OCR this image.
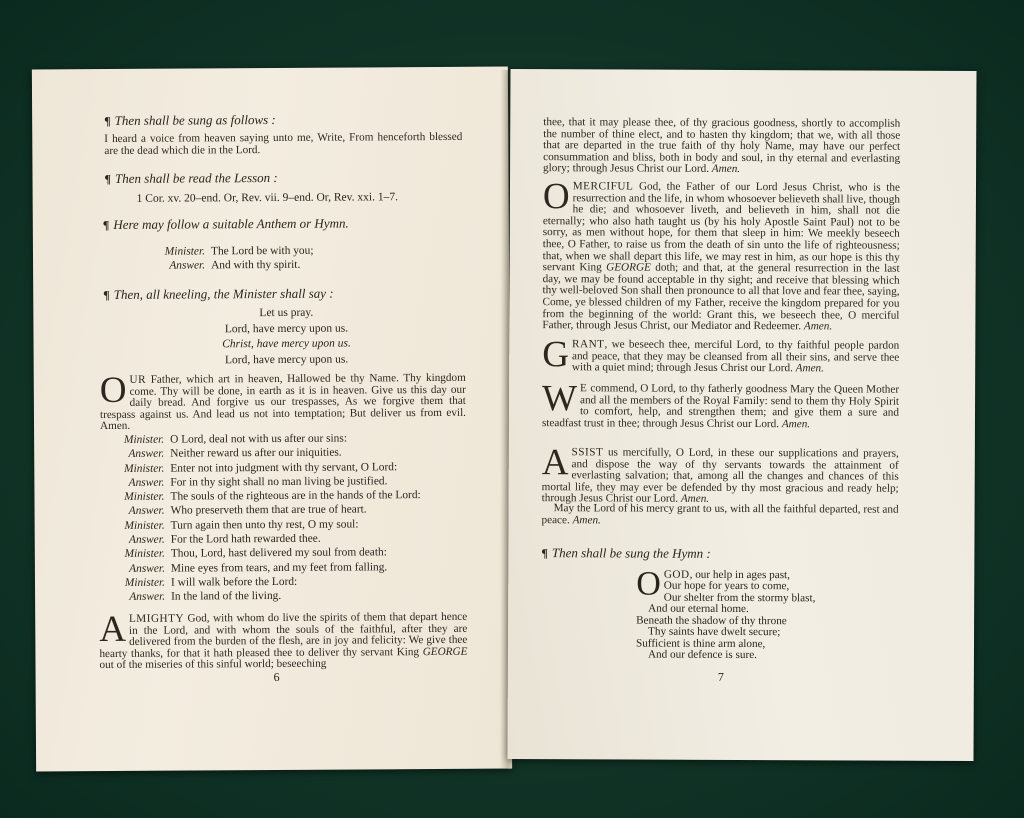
¶ Then shall be sung as follows :
I heard a voice from heaven saying unto me, Write, From henceforth blessed are the dead which die in the Lord.
¶ Then shall be read the Lesson :
1 Cor. xv. 20–end. Or, Rev. vii. 9–end. Or, Rev. xxi. 1–7.
¶ Here may follow a suitable Anthem or Hymn.
Minister. The Lord be with you;
Answer. And with thy spirit.
¶ Then, all kneeling, the Minister shall say :
Let us pray.
Lord, have mercy upon us.
Christ, have mercy upon us.
Lord, have mercy upon us.
OUR Father, which art in heaven, Hallowed be thy Name. Thy kingdom come. Thy will be done, in earth as it is in heaven. Give us this day our daily bread. And forgive us our trespasses, As we forgive them that trespass against us. And lead us not into temptation; But deliver us from evil. Amen.
Minister. O Lord, deal not with us after our sins:
Answer. Neither reward us after our iniquities.
Minister. Enter not into judgment with thy servant, O Lord:
Answer. For in thy sight shall no man living be justified.
Minister. The souls of the righteous are in the hands of the Lord:
Answer. Who preserveth them that are true of heart.
Minister. Turn again then unto thy rest, O my soul:
Answer. For the Lord hath rewarded thee.
Minister. Thou, Lord, hast delivered my soul from death:
Answer. Mine eyes from tears, and my feet from falling.
Minister. I will walk before the Lord:
Answer. In the land of the living.
ALMIGHTY God, with whom do live the spirits of them that depart hence in the Lord, and with whom the souls of the faithful, after they are delivered from the burden of the flesh, are in joy and felicity: We give thee hearty thanks, for that it hath pleased thee to deliver thy servant King GEORGE out of the miseries of this sinful world; beseeching
6
thee, that it may please thee, of thy gracious goodness, shortly to accomplish the number of thine elect, and to hasten thy kingdom; that we, with all those that are departed in the true faith of thy holy Name, may have our perfect consummation and bliss, both in body and soul, in thy eternal and everlasting glory; through Jesus Christ our Lord. Amen.
OMERCIFUL God, the Father of our Lord Jesus Christ, who is the resurrection and the life, in whom whosoever believeth shall live, though he die; and whosoever liveth, and believeth in him, shall not die eternally; who also hath taught us (by his holy Apostle Saint Paul) not to be sorry, as men without hope, for them that sleep in him: We meekly beseech thee, O Father, to raise us from the death of sin unto the life of righteousness; that, when we shall depart this life, we may rest in him, as our hope is this thy servant King GEORGE doth; and that, at the general resurrection in the last day, we may be found acceptable in thy sight; and receive that blessing which thy well-beloved Son shall then pronounce to all that love and fear thee, saying, Come, ye blessed children of my Father, receive the kingdom prepared for you from the beginning of the world: Grant this, we beseech thee, O merciful Father, through Jesus Christ, our Mediator and Redeemer. Amen.
GRANT, we beseech thee, merciful Lord, to thy faithful people pardon and peace, that they may be cleansed from all their sins, and serve thee with a quiet mind; through Jesus Christ our Lord. Amen.
W E commend, O Lord, to thy fatherly goodness Mary the Queen Mother and all the members of the Royal Family: send to them thy Holy Spirit to comfort, help, and strengthen them; and give them a sure and steadfast trust in thee; through Jesus Christ our Lord. Amen.
ASSIST us mercifully, O Lord, in these our supplications and prayers, and dispose the way of thy servants towards the attainment of everlasting salvation; that, among all the changes and chances of this mortal life, they may ever be defended by thy most gracious and ready help; through Jesus Christ our Lord. Amen.
May the Lord of his mercy grant to us, with all the faithful departed, rest and peace. Amen.
¶ Then shall be sung the Hymn :
OGOD, our help in ages past,
Our hope for years to come,
Our shelter from the stormy blast,
And our eternal home.
Beneath the shadow of thy throne
Thy saints have dwelt secure;
Sufficient is thine arm alone,
And our defence is sure.
7
